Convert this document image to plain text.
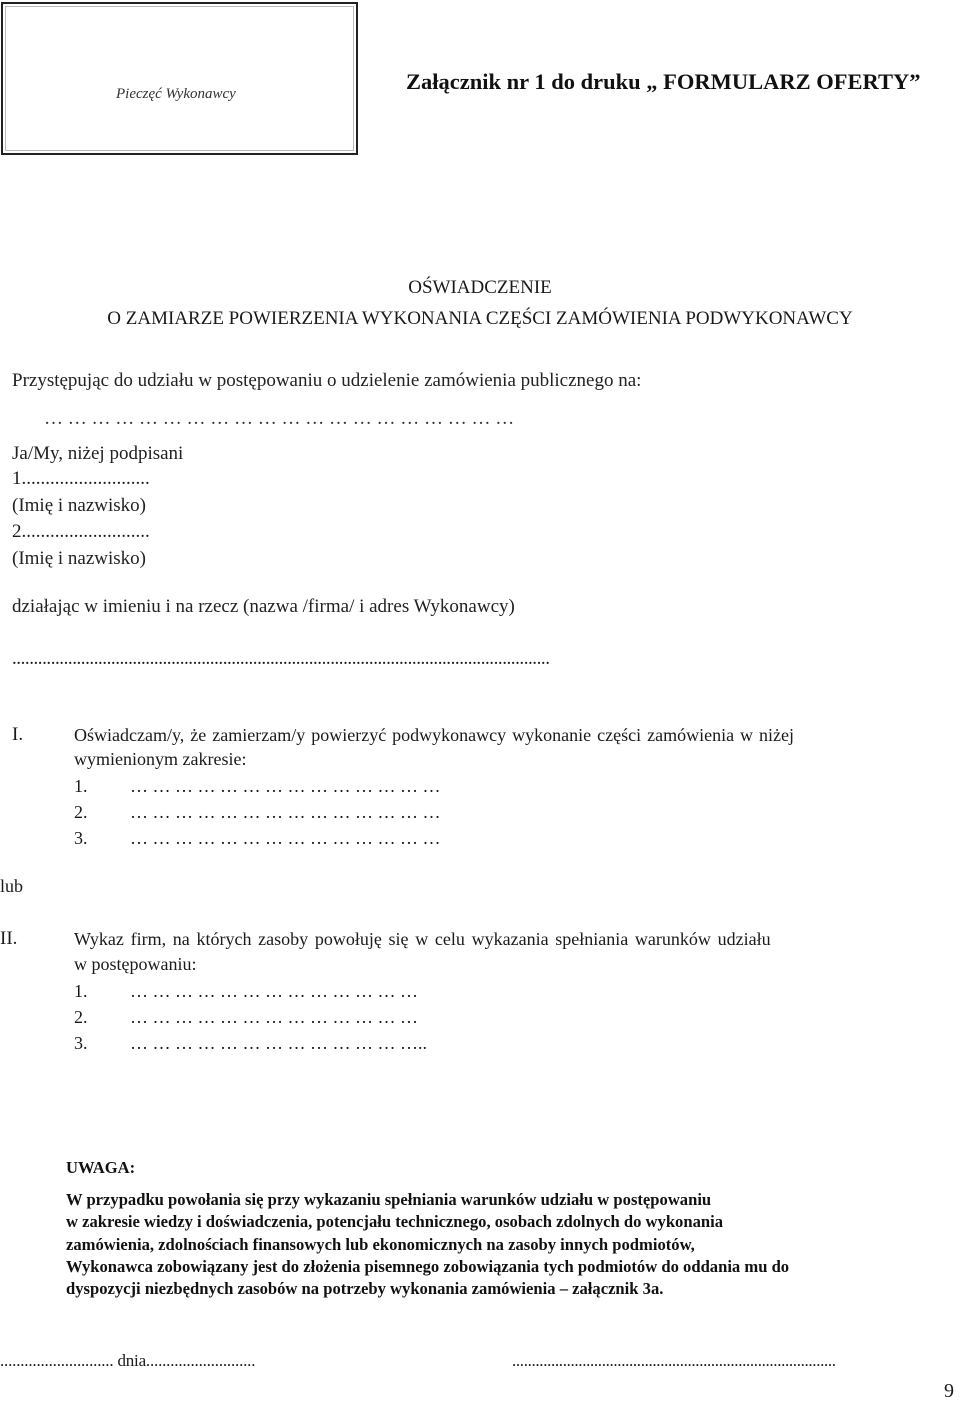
Pieczęć Wykonawcy	Załącznik nr 1 do druku „ FORMULARZ OFERTY”
OŚWIADCZENIE
O ZAMIARZE POWIERZENIA WYKONANIA CZĘŚCI ZAMÓWIENIA PODWYKONAWCY
Przystępując do udziału w postępowaniu o udzielenie zamówienia publicznego na:
… … … … … … … … … … … … … … … … … … … …
Ja/My, niżej podpisani
1...........................
(Imię i nazwisko)
2...........................
(Imię i nazwisko)
działając w imieniu i na rzecz (nazwa /firma/ i adres Wykonawcy)
.............................................................................................................................
I.	Oświadczam/y, że zamierzam/y powierzyć podwykonawcy wykonanie części zamówienia w niżej
wymienionym zakresie:
1. … … … … … … … … … … … … … …
2. … … … … … … … … … … … … … …
3. … … … … … … … … … … … … … …
lub
II.	Wykaz firm, na których zasoby powołuję się w celu wykazania spełniania warunków udziału
w postępowaniu:
1. … … … … … … … … … … … … …
2. … … … … … … … … … … … … …
3. … … … … … … … … … … … … …..

UWAGA:

W przypadku powołania się przy wykazaniu spełniania warunków udziału w postępowaniu

w zakresie wiedzy i doświadczenia, potencjału technicznego, osobach zdolnych do wykonania

zamówienia, zdolnościach finansowych lub ekonomicznych na zasoby innych podmiotów,

Wykonawca zobowiązany jest do złożenia pisemnego zobowiązania tych podmiotów do oddania mu do

dyspozycji niezbędnych zasobów na potrzeby wykonania zamówienia – załącznik 3a.

............................ dnia...........................	...................................................................................
9
